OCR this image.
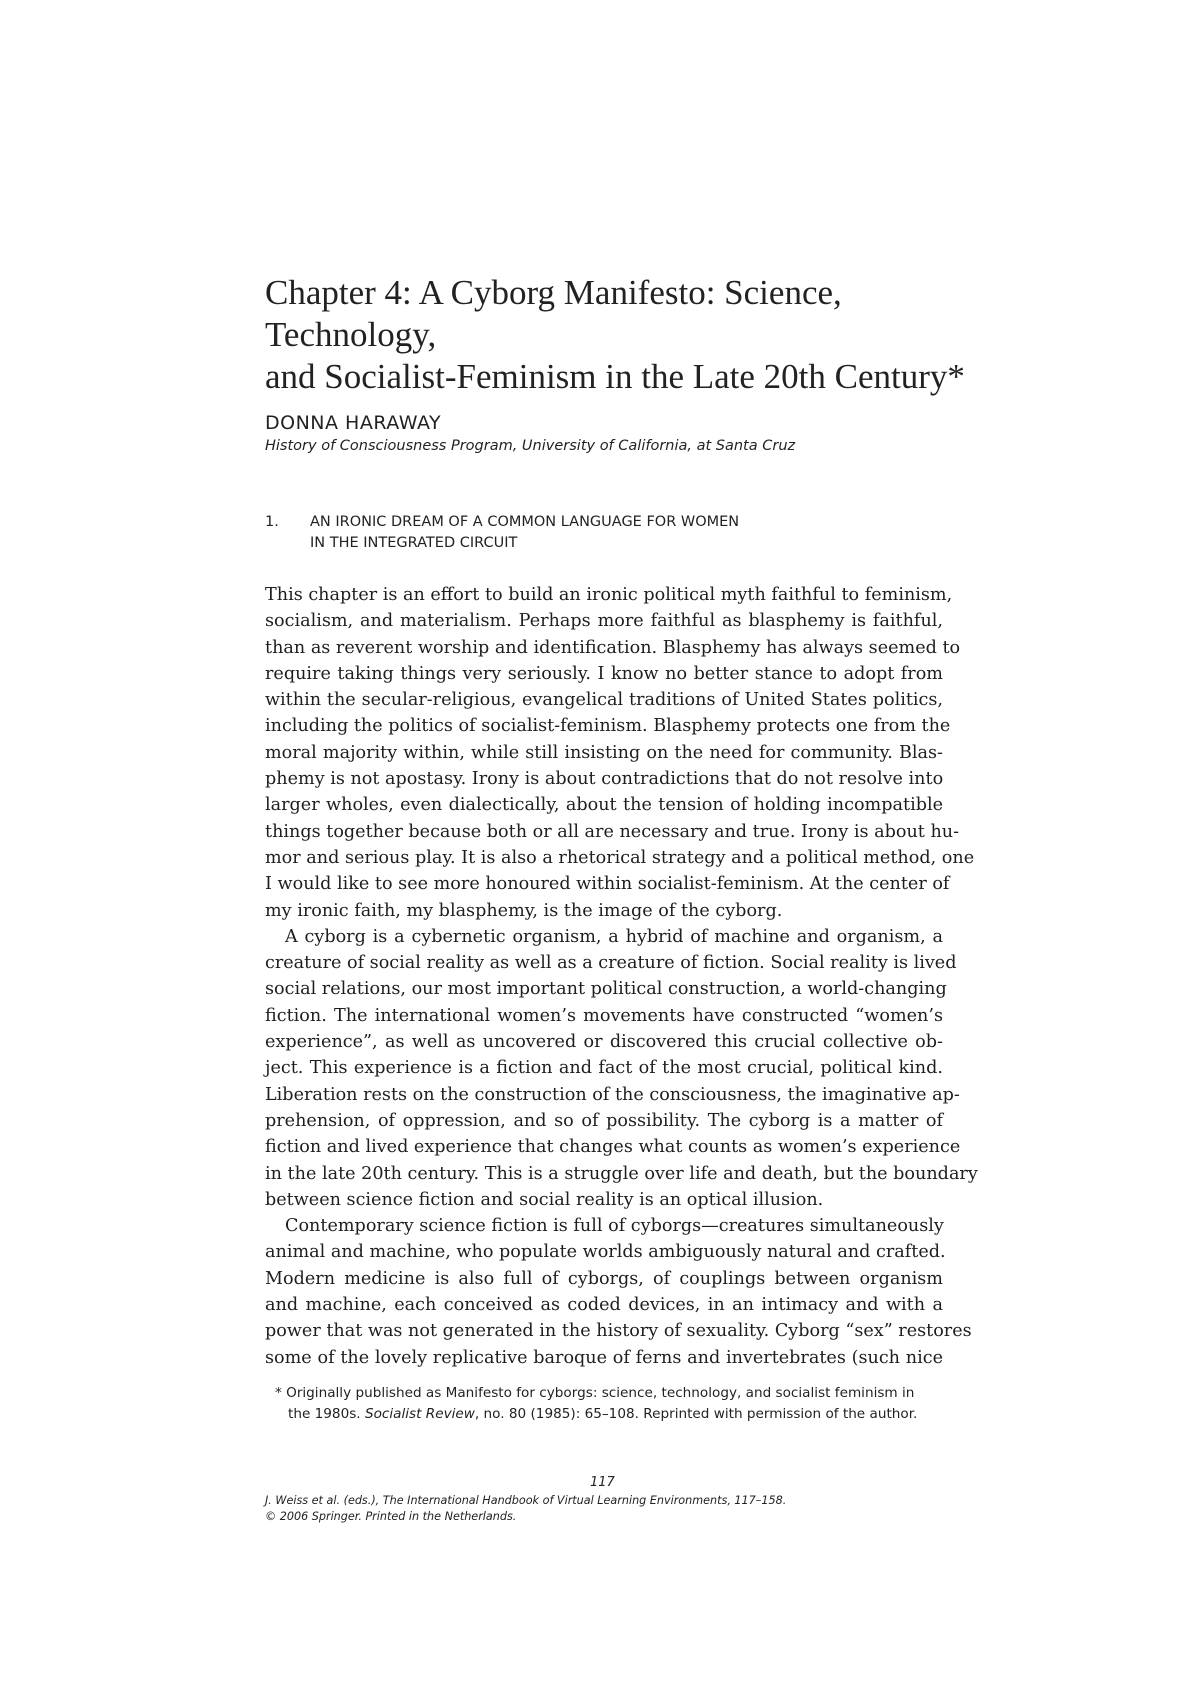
Chapter 4: A Cyborg Manifesto: Science, Technology,
and Socialist-Feminism in the Late 20th Century*
DONNA HARAWAY
History of Consciousness Program, University of California, at Santa Cruz
1. AN IRONIC DREAM OF A COMMON LANGUAGE FOR WOMEN
IN THE INTEGRATED CIRCUIT
This chapter is an effort to build an ironic political myth faithful to feminism,
socialism, and materialism. Perhaps more faithful as blasphemy is faithful,
than as reverent worship and identification. Blasphemy has always seemed to
require taking things very seriously. I know no better stance to adopt from
within the secular-religious, evangelical traditions of United States politics,
including the politics of socialist-feminism. Blasphemy protects one from the
moral majority within, while still insisting on the need for community. Blas-
phemy is not apostasy. Irony is about contradictions that do not resolve into
larger wholes, even dialectically, about the tension of holding incompatible
things together because both or all are necessary and true. Irony is about hu-
mor and serious play. It is also a rhetorical strategy and a political method, one
I would like to see more honoured within socialist-feminism. At the center of
my ironic faith, my blasphemy, is the image of the cyborg.
A cyborg is a cybernetic organism, a hybrid of machine and organism, a
creature of social reality as well as a creature of fiction. Social reality is lived
social relations, our most important political construction, a world-changing
fiction. The international women’s movements have constructed “women’s
experience”, as well as uncovered or discovered this crucial collective ob-
ject. This experience is a fiction and fact of the most crucial, political kind.
Liberation rests on the construction of the consciousness, the imaginative ap-
prehension, of oppression, and so of possibility. The cyborg is a matter of
fiction and lived experience that changes what counts as women’s experience
in the late 20th century. This is a struggle over life and death, but the boundary
between science fiction and social reality is an optical illusion.
Contemporary science fiction is full of cyborgs—creatures simultaneously
animal and machine, who populate worlds ambiguously natural and crafted.
Modern medicine is also full of cyborgs, of couplings between organism
and machine, each conceived as coded devices, in an intimacy and with a
power that was not generated in the history of sexuality. Cyborg “sex” restores
some of the lovely replicative baroque of ferns and invertebrates (such nice
* Originally published as Manifesto for cyborgs: science, technology, and socialist feminism in
the 1980s. Socialist Review, no. 80 (1985): 65–108. Reprinted with permission of the author.
117
J. Weiss et al. (eds.), The International Handbook of Virtual Learning Environments, 117–158.
© 2006 Springer. Printed in the Netherlands.
